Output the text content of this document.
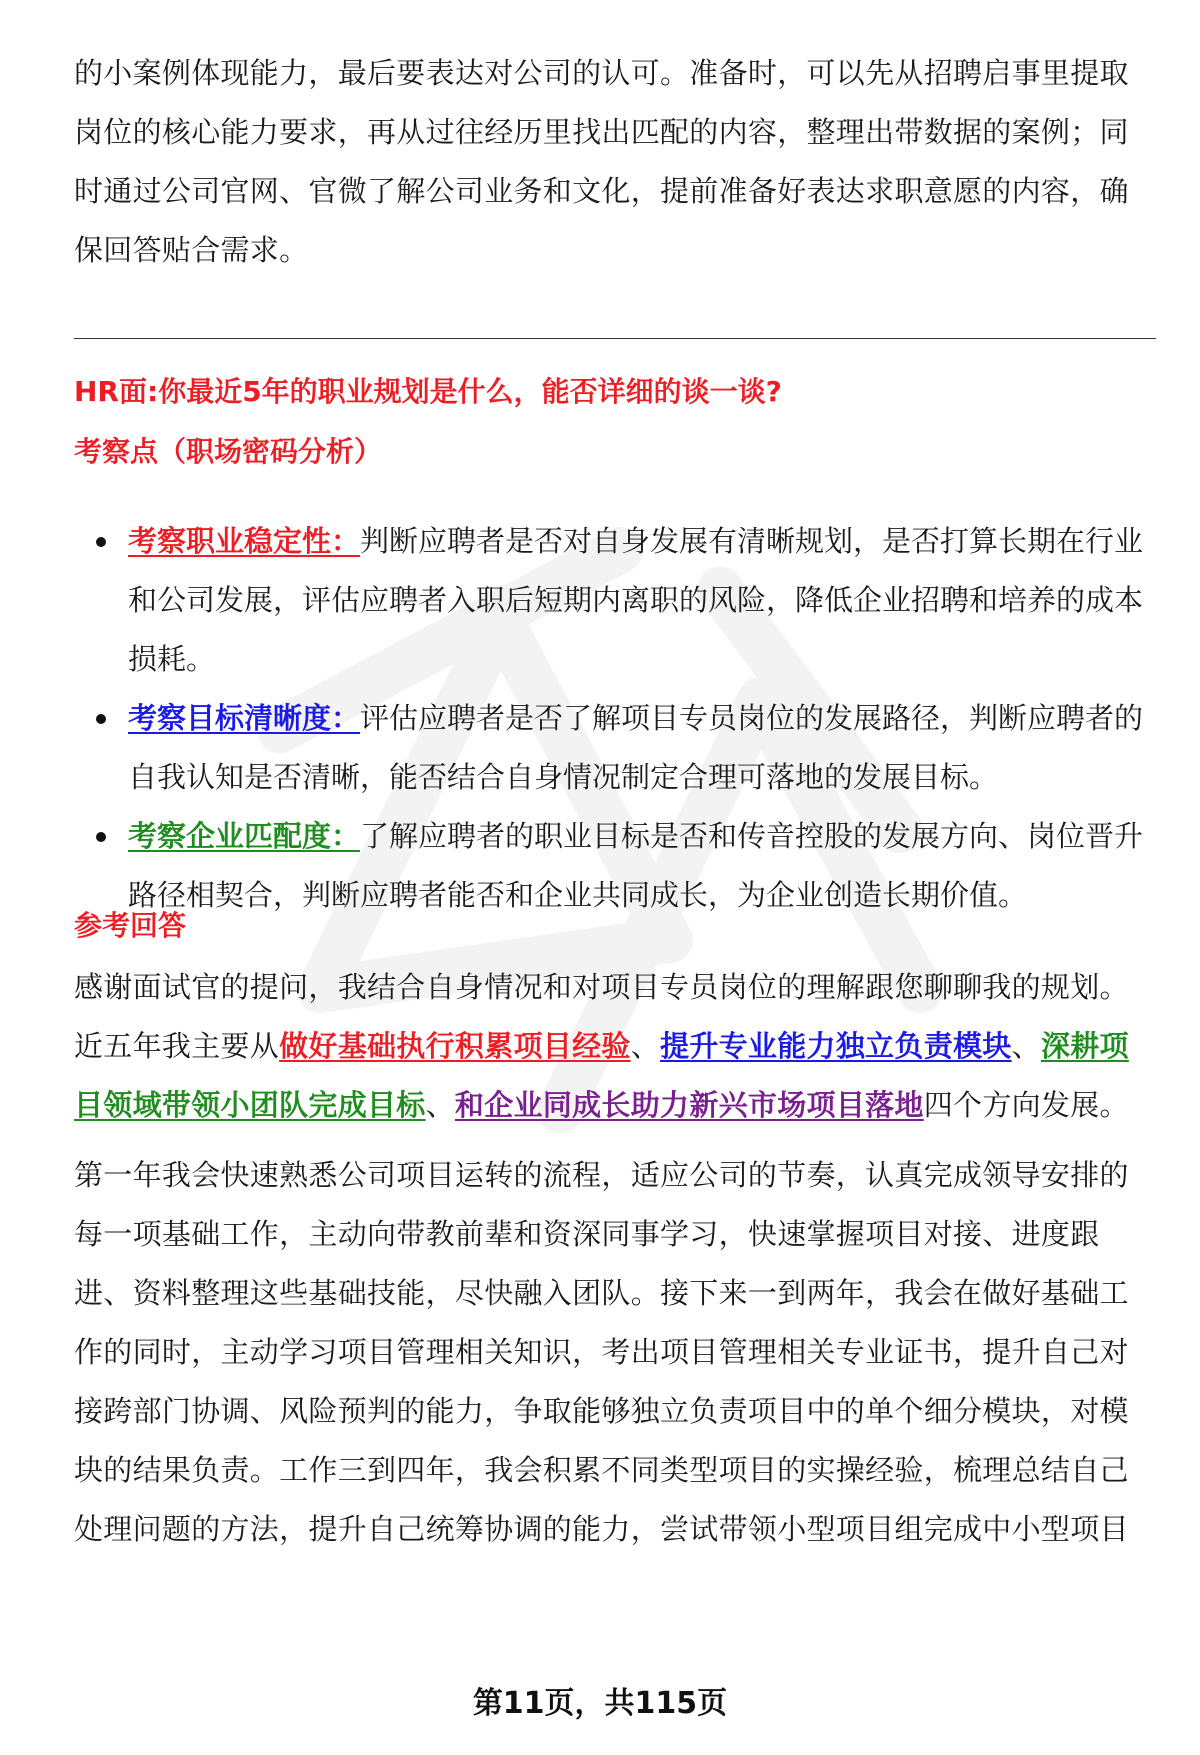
的小案例体现能力，最后要表达对公司的认可。准备时，可以先从招聘启事里提取岗位的核心能力要求，再从过往经历里找出匹配的内容，整理出带数据的案例；同时通过公司官网、官微了解公司业务和文化，提前准备好表达求职意愿的内容，确保回答贴合需求。

HR面:你最近5年的职业规划是什么，能否详细的谈一谈?

考察点（职场密码分析）

考察职业稳定性：判断应聘者是否对自身发展有清晰规划，是否打算长期在行业和公司发展，评估应聘者入职后短期内离职的风险，降低企业招聘和培养的成本损耗。
考察目标清晰度：评估应聘者是否了解项目专员岗位的发展路径，判断应聘者的自我认知是否清晰，能否结合自身情况制定合理可落地的发展目标。
考察企业匹配度：了解应聘者的职业目标是否和传音控股的发展方向、岗位晋升路径相契合，判断应聘者能否和企业共同成长，为企业创造长期价值。

参考回答

感谢面试官的提问，我结合自身情况和对项目专员岗位的理解跟您聊聊我的规划。近五年我主要从做好基础执行积累项目经验、提升专业能力独立负责模块、深耕项目领域带领小团队完成目标、和企业同成长助力新兴市场项目落地四个方向发展。

第一年我会快速熟悉公司项目运转的流程，适应公司的节奏，认真完成领导安排的每一项基础工作，主动向带教前辈和资深同事学习，快速掌握项目对接、进度跟进、资料整理这些基础技能，尽快融入团队。接下来一到两年，我会在做好基础工作的同时，主动学习项目管理相关知识，考出项目管理相关专业证书，提升自己对接跨部门协调、风险预判的能力，争取能够独立负责项目中的单个细分模块，对模块的结果负责。工作三到四年，我会积累不同类型项目的实操经验，梳理总结自己处理问题的方法，提升自己统筹协调的能力，尝试带领小型项目组完成中小型项目

第11页，共115页
